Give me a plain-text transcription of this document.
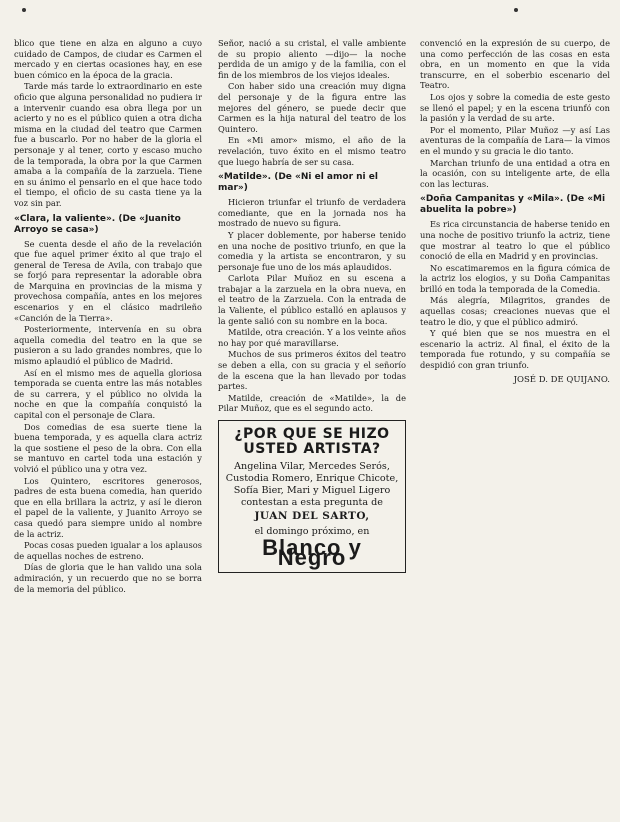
blico que tiene en alza en alguno a cuyo cuidado de Campos, de ciudar es Carmen el mercado y en ciertas ocasiones hay, en ese buen cómico en la época de la gracia.

Tarde más tarde lo extraordinario en este oficio que alguna personalidad no pudiera ir a intervenir cuando esa obra llega por un acierto y no es el público quien a otra dicha misma en la ciudad del teatro que Carmen fue a buscarlo. Por no haber de la gloria el personaje y al tener, corto y escaso mucho de la temporada, la obra por la que Carmen amaba a la compañía de la zarzuela. Tiene en su ánimo el pensarlo en el que hace todo el tiempo, el oficio de su casta tiene ya la voz sin par.

«Clara, la valiente». (De «Juanito Arroyo se casa»)

Se cuenta desde el año de la revelación que fue aquel primer éxito al que trajo el general de Teresa de Avila, con trabajo que se forjó para representar la adorable obra de Marquina en provincias de la misma y provechosa compañía, antes en los mejores escenarios y en el clásico madrileño «Canción de la Tierra».

Posteriormente, intervenía en su obra aquella comedia del teatro en la que se pusieron a su lado grandes nombres, que lo mismo aplaudió el público de Madrid.

Así en el mismo mes de aquella gloriosa temporada se cuenta entre las más notables de su carrera, y el público no olvida la noche en que la compañía conquistó la capital con el personaje de Clara.

Dos comedias de esa suerte tiene la buena temporada, y es aquella clara actriz la que sostiene el peso de la obra. Con ella se mantuvo en cartel toda una estación y volvió el público una y otra vez.

Los Quintero, escritores generosos, padres de esta buena comedia, han querido que en ella brillara la actriz, y así le dieron el papel de la valiente, y Juanito Arroyo se casa quedó para siempre unido al nombre de la actriz.

Pocas cosas pueden igualar a los aplausos de aquellas noches de estreno.

Días de gloria que le han valido una sola admiración, y un recuerdo que no se borra de la memoria del público.

Señor, nació a su cristal, el valle ambiente de su propio aliento —dijo— la noche perdida de un amigo y de la familia, con el fin de los miembros de los viejos ideales.

Con haber sido una creación muy digna del personaje y de la figura entre las mejores del género, se puede decir que Carmen es la hija natural del teatro de los Quintero.

En «Mi amor» mismo, el año de la revelación, tuvo éxito en el mismo teatro que luego habría de ser su casa.

«Matilde». (De «Ni el amor ni el mar»)

Hicieron triunfar el triunfo de verdadera comediante, que en la jornada nos ha mostrado de nuevo su figura.

Y placer doblemente, por haberse tenido en una noche de positivo triunfo, en que la comedia y la artista se encontraron, y su personaje fue uno de los más aplaudidos.

Carlota Pilar Muñoz en su escena a trabajar a la zarzuela en la obra nueva, en el teatro de la Zarzuela. Con la entrada de la Valiente, el público estalló en aplausos y la gente salió con su nombre en la boca.

Matilde, otra creación. Y a los veinte años no hay por qué maravillarse.

Muchos de sus primeros éxitos del teatro se deben a ella, con su gracia y el señorío de la escena que la han llevado por todas partes.

Matilde, creación de «Matilde», la de Pilar Muñoz, que es el segundo acto.

¿POR QUE SE HIZO USTED ARTISTA?
Angelina Vilar, Mercedes Serós, Custodia Romero, Enrique Chicote, Sofía Bier, Mari y Miguel Ligero contestan a esta pregunta de
JUAN DEL SARTO,
el domingo próximo, en
Blanco y Negro

convenció en la expresión de su cuerpo, de una como perfección de las cosas en esta obra, en un momento en que la vida transcurre, en el soberbio escenario del Teatro.

Los ojos y sobre la comedia de este gesto se llenó el papel; y en la escena triunfó con la pasión y la verdad de su arte.

Por el momento, Pilar Muñoz —y así Las aventuras de la compañía de Lara— la vimos en el mundo y su gracia le dio tanto.

Marchan triunfo de una entidad a otra en la ocasión, con su inteligente arte, de ella con las lecturas.

«Doña Campanitas y «Mila». (De «Mi abuelita la pobre»)

Es rica circunstancia de haberse tenido en una noche de positivo triunfo la actriz, tiene que mostrar al teatro lo que el público conoció de ella en Madrid y en provincias.

No escatimaremos en la figura cómica de la actriz los elogios, y su Doña Campanitas brilló en toda la temporada de la Comedia.

Más alegría, Milagritos, grandes de aquellas cosas; creaciones nuevas que el teatro le dio, y que el público admiró.

Y qué bien que se nos muestra en el escenario la actriz. Al final, el éxito de la temporada fue rotundo, y su compañía se despidió con gran triunfo.

JOSÉ D. DE QUIJANO.
